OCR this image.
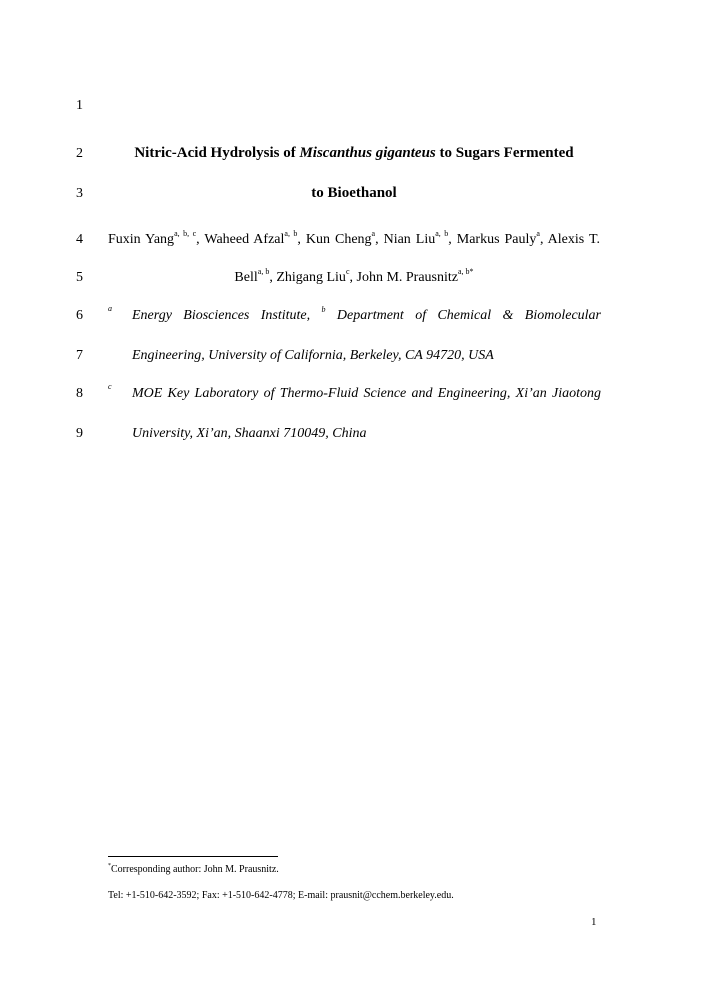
1
2
3
4
5
6
7
8
9
Nitric-Acid Hydrolysis of Miscanthus giganteus to Sugars Fermented
to Bioethanol
Fuxin Yang$^{a, b, c}$, Waheed Afzal$^{a, b}$, Kun Cheng$^a$, Nian Liu$^{a, b}$, Markus Pauly$^a$, Alexis T.
Bell$^{a, b}$, Zhigang Liu$^c$, John M. Prausnitz$^{a, b*}$
a Energy Biosciences Institute, $^b$ Department of Chemical & Biomolecular
Engineering, University of California, Berkeley, CA 94720, USA
c MOE Key Laboratory of Thermo-Fluid Science and Engineering, Xi’an Jiaotong
University, Xi’an, Shaanxi 710049, China
*Corresponding author: John M. Prausnitz.
Tel: +1-510-642-3592; Fax: +1-510-642-4778; E-mail: prausnit@cchem.berkeley.edu.
1
